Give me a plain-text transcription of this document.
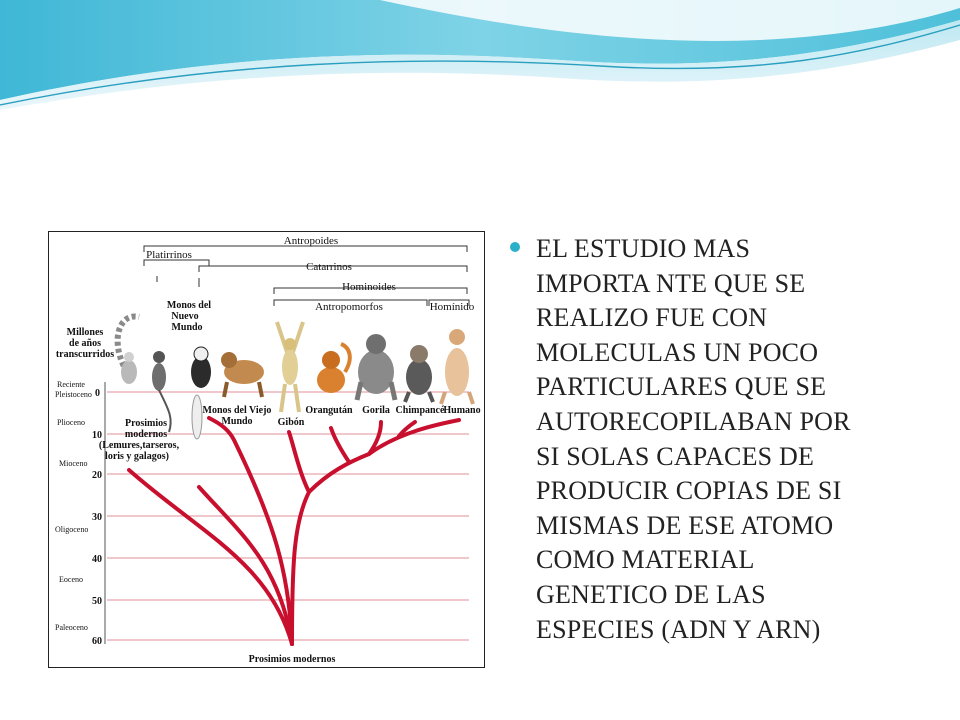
Reciente
Pleistoceno
Plioceno
Mioceno
Oligoceno
Eoceno
Paleoceno
0
10
20
30
40
50
60
Millones
de años
transcurridos
Antropoides
Platirrinos
Catarrinos
Hominoides
Antropomorfos	Homínido
Prosimios
modernos
(Lemures,tarseros,
loris y galagos)
Monos del
Nuevo
Mundo
Monos del Viejo
Mundo	Gibón
Orangután Gorila Chimpancé
Humano
Prosimios modernos
EL ESTUDIO MAS
IMPORTA NTE QUE SE
REALIZO FUE CON
MOLECULAS UN POCO
PARTICULARES QUE SE
AUTORECOPILABAN POR
SI SOLAS CAPACES DE
PRODUCIR COPIAS DE SI
MISMAS DE ESE ATOMO
COMO MATERIAL
GENETICO DE LAS
ESPECIES (ADN Y ARN)
